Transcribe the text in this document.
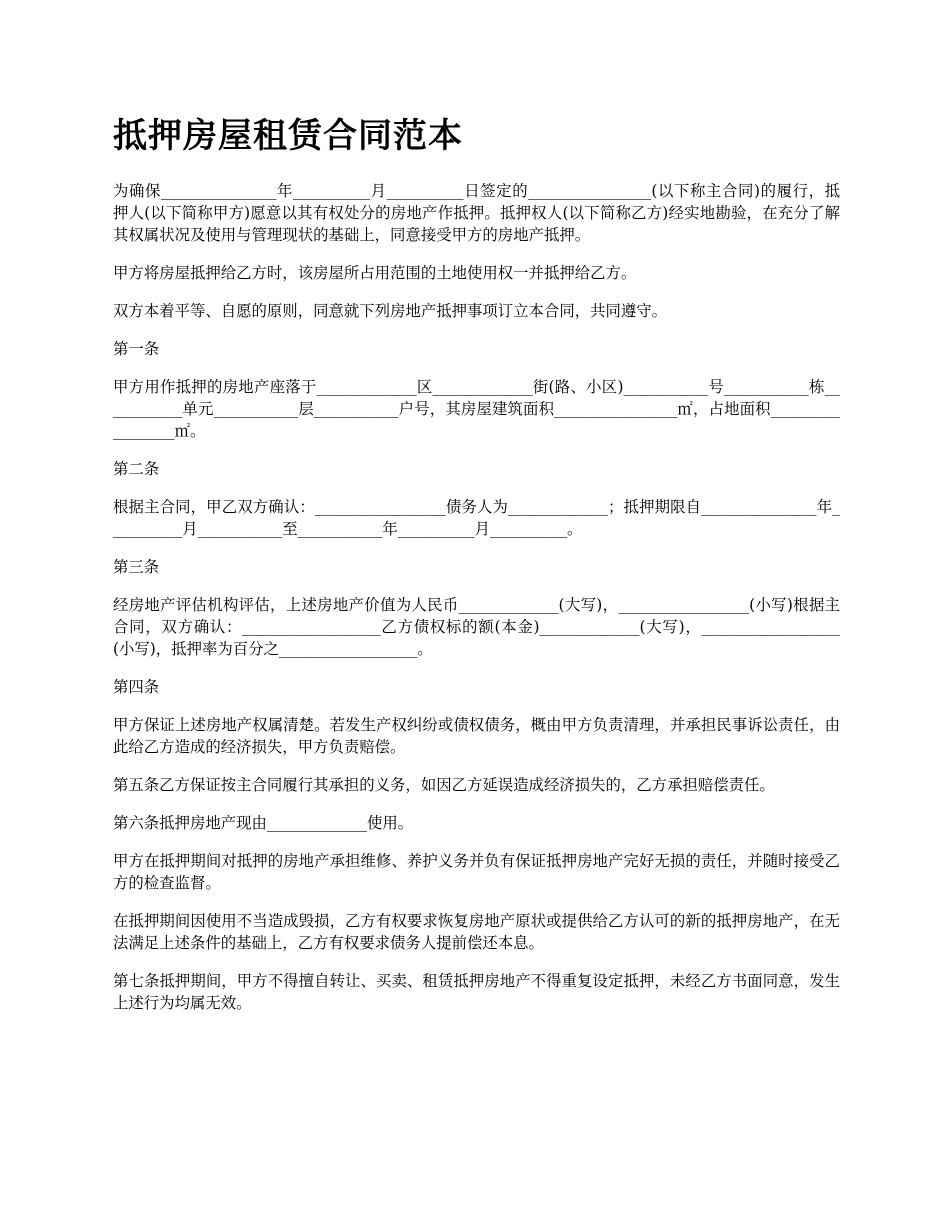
抵押房屋租赁合同范本

为确保_______________年__________月__________日签定的________________(以下称主合同)的履行，抵押人(以下简称甲方)愿意以其有权处分的房地产作抵押。抵押权人(以下简称乙方)经实地勘验，在充分了解其权属状况及使用与管理现状的基础上，同意接受甲方的房地产抵押。

甲方将房屋抵押给乙方时，该房屋所占用范围的土地使用权一并抵押给乙方。

双方本着平等、自愿的原则，同意就下列房地产抵押事项订立本合同，共同遵守。

第一条

甲方用作抵押的房地产座落于_____________区_____________街(路、小区)___________号___________栋___________单元___________层___________户号，其房屋建筑面积________________㎡，占地面积_________________㎡。

第二条

根据主合同，甲乙双方确认：_________________债务人为_____________；抵押期限自_______________年__________月___________至___________年__________月__________。

第三条

经房地产评估机构评估，上述房地产价值为人民币_____________(大写)，_________________(小写)根据主合同，双方确认：__________________乙方债权标的额(本金)_____________(大写)，__________________(小写)，抵押率为百分之__________________。

第四条

甲方保证上述房地产权属清楚。若发生产权纠纷或债权债务，概由甲方负责清理，并承担民事诉讼责任，由此给乙方造成的经济损失，甲方负责赔偿。

第五条乙方保证按主合同履行其承担的义务，如因乙方延误造成经济损失的，乙方承担赔偿责任。

第六条抵押房地产现由_____________使用。

甲方在抵押期间对抵押的房地产承担维修、养护义务并负有保证抵押房地产完好无损的责任，并随时接受乙方的检查监督。

在抵押期间因使用不当造成毁损，乙方有权要求恢复房地产原状或提供给乙方认可的新的抵押房地产，在无法满足上述条件的基础上，乙方有权要求债务人提前偿还本息。

第七条抵押期间，甲方不得擅自转让、买卖、租赁抵押房地产不得重复设定抵押，未经乙方书面同意，发生上述行为均属无效。
